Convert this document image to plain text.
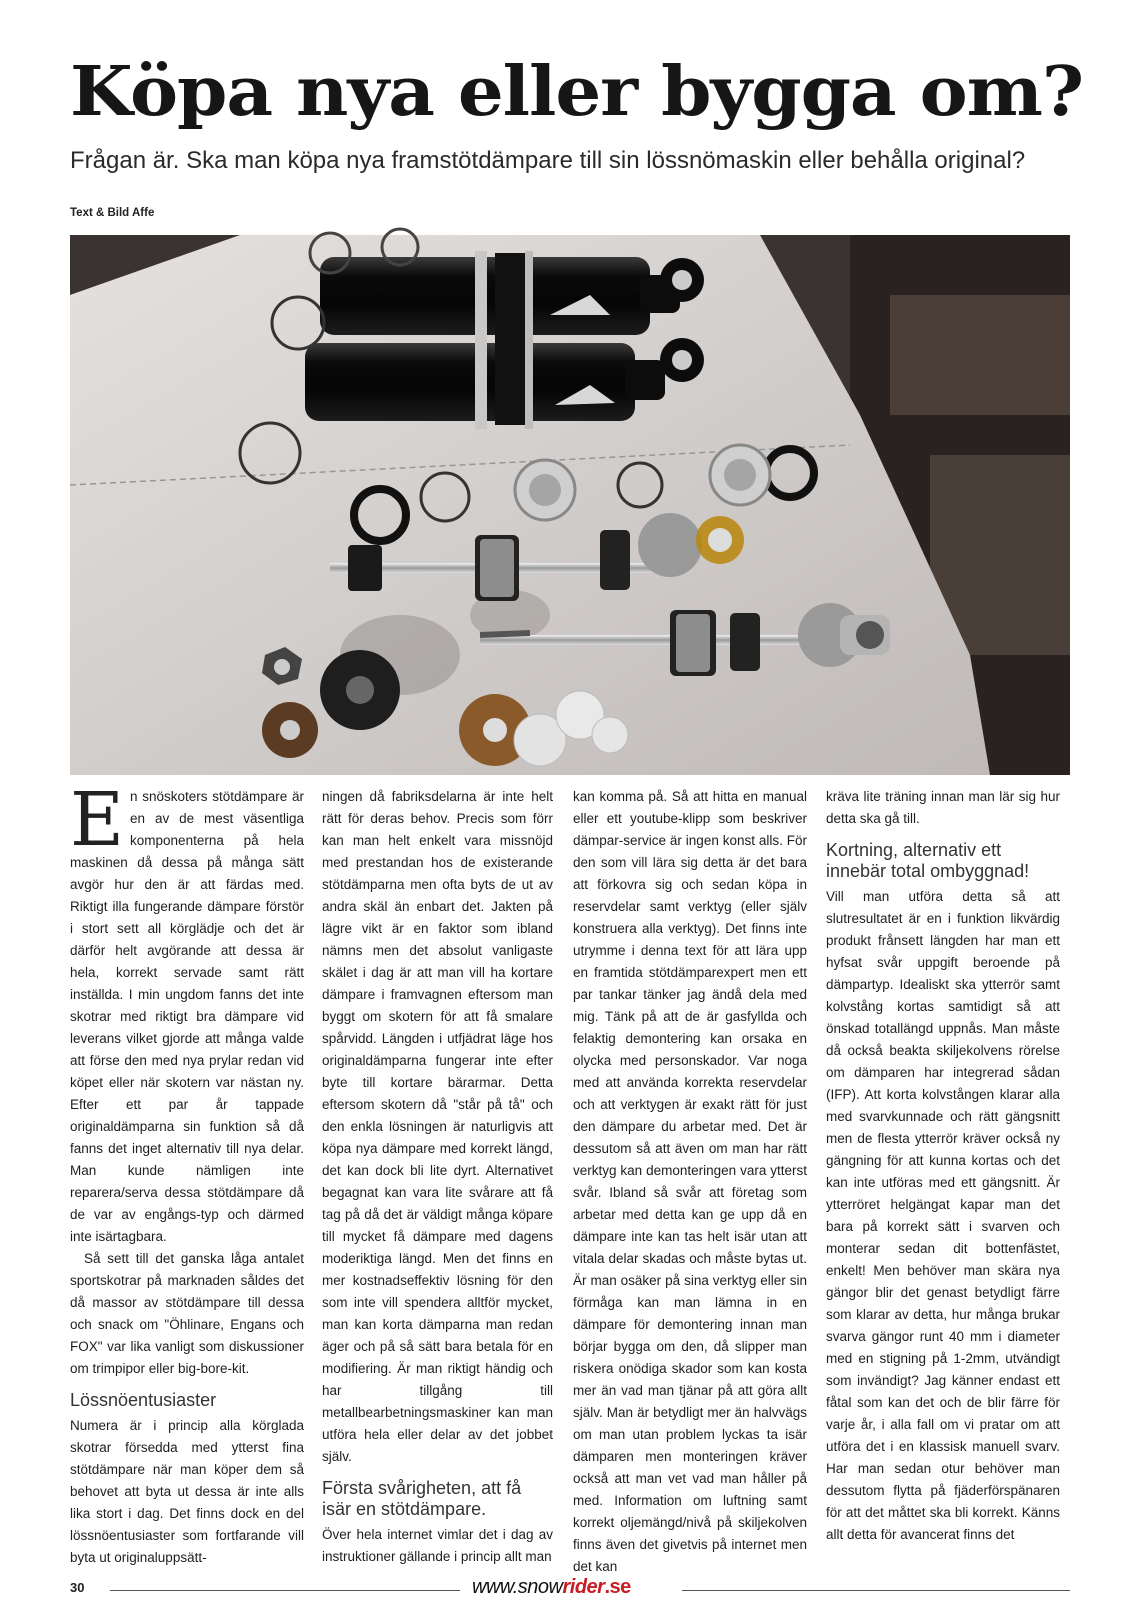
Köpa nya eller bygga om?

Frågan är. Ska man köpa nya framstötdämpare till sin lössnömaskin eller behålla original?

Text & Bild Affe

E n snöskoters stötdämpare är en av de mest väsentliga komponenterna på hela maskinen då dessa på många sätt avgör hur den är att färdas med. Riktigt illa fungerande dämpare förstör i stort sett all körglädje och det är därför helt avgörande att dessa är hela, korrekt servade samt rätt inställda. I min ungdom fanns det inte skotrar med riktigt bra dämpare vid leverans vilket gjorde att många valde att förse den med nya prylar redan vid köpet eller när skotern var nästan ny. Efter ett par år tappade originaldämparna sin funktion så då fanns det inget alternativ till nya delar. Man kunde nämligen inte reparera/serva dessa stötdämpare då de var av engångs-typ och därmed inte isärtagbara.

Så sett till det ganska låga antalet sportskotrar på marknaden såldes det då massor av stötdämpare till dessa och snack om "Öhlinare, Engans och FOX" var lika vanligt som diskussioner om trimpipor eller big-bore-kit.

Lössnöentusiaster

Numera är i princip alla körglada skotrar försedda med ytterst fina stötdämpare när man köper dem så behovet att byta ut dessa är inte alls lika stort i dag. Det finns dock en del lössnöentusiaster som fortfarande vill byta ut originaluppsätt-

ningen då fabriksdelarna är inte helt rätt för deras behov. Precis som förr kan man helt enkelt vara missnöjd med prestandan hos de existerande stötdämparna men ofta byts de ut av andra skäl än enbart det. Jakten på lägre vikt är en faktor som ibland nämns men det absolut vanligaste skälet i dag är att man vill ha kortare dämpare i framvagnen eftersom man byggt om skotern för att få smalare spårvidd. Längden i utfjädrat läge hos originaldämparna fungerar inte efter byte till kortare bärarmar. Detta eftersom skotern då "står på tå" och den enkla lösningen är naturligvis att köpa nya dämpare med korrekt längd, det kan dock bli lite dyrt. Alternativet begagnat kan vara lite svårare att få tag på då det är väldigt många köpare till mycket få dämpare med dagens moderiktiga längd. Men det finns en mer kostnadseffektiv lösning för den som inte vill spendera alltför mycket, man kan korta dämparna man redan äger och på så sätt bara betala för en modifiering. Är man riktigt händig och har tillgång till metallbearbetningsmaskiner kan man utföra hela eller delar av det jobbet själv.

Första svårigheten, att få isär en stötdämpare.

Över hela internet vimlar det i dag av instruktioner gällande i princip allt man

kan komma på. Så att hitta en manual eller ett youtube-klipp som beskriver dämpar-service är ingen konst alls. För den som vill lära sig detta är det bara att förkovra sig och sedan köpa in reservdelar samt verktyg (eller själv konstruera alla verktyg). Det finns inte utrymme i denna text för att lära upp en framtida stötdämparexpert men ett par tankar tänker jag ändå dela med mig. Tänk på att de är gasfyllda och felaktig demontering kan orsaka en olycka med personskador. Var noga med att använda korrekta reservdelar och att verktygen är exakt rätt för just den dämpare du arbetar med. Det är dessutom så att även om man har rätt verktyg kan demonteringen vara ytterst svår. Ibland så svår att företag som arbetar med detta kan ge upp då en dämpare inte kan tas helt isär utan att vitala delar skadas och måste bytas ut. Är man osäker på sina verktyg eller sin förmåga kan man lämna in en dämpare för demontering innan man börjar bygga om den, då slipper man riskera onödiga skador som kan kosta mer än vad man tjänar på att göra allt själv. Man är betydligt mer än halvvägs om man utan problem lyckas ta isär dämparen men monteringen kräver också att man vet vad man håller på med. Information om luftning samt korrekt oljemängd/nivå på skiljekolven finns även det givetvis på internet men det kan

kräva lite träning innan man lär sig hur detta ska gå till.

Kortning, alternativ ett innebär total ombyggnad!

Vill man utföra detta så att slutresultatet är en i funktion likvärdig produkt frånsett längden har man ett hyfsat svår uppgift beroende på dämpartyp. Idealiskt ska ytterrör samt kolvstång kortas samtidigt så att önskad totallängd uppnås. Man måste då också beakta skiljekolvens rörelse om dämparen har integrerad sådan (IFP). Att korta kolvstången klarar alla med svarvkunnade och rätt gängsnitt men de flesta ytterrör kräver också ny gängning för att kunna kortas och det kan inte utföras med ett gängsnitt. Är ytterröret helgängat kapar man det bara på korrekt sätt i svarven och monterar sedan dit bottenfästet, enkelt! Men behöver man skära nya gängor blir det genast betydligt färre som klarar av detta, hur många brukar svarva gängor runt 40 mm i diameter med en stigning på 1-2mm, utvändigt som invändigt? Jag känner endast ett fåtal som kan det och de blir färre för varje år, i alla fall om vi pratar om att utföra det i en klassisk manuell svarv. Har man sedan otur behöver man dessutom flytta på fjäderförspänaren för att det måttet ska bli korrekt. Känns allt detta för avancerat finns det

30	www.snowrider.se
